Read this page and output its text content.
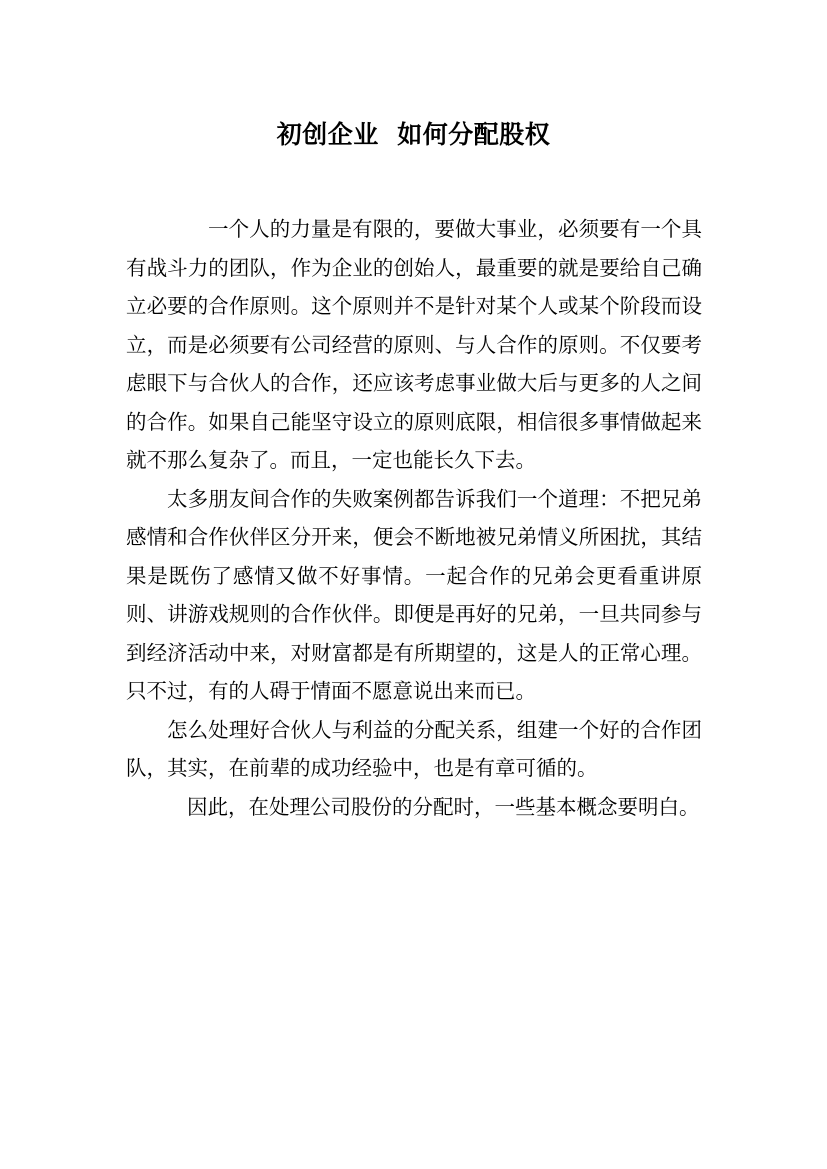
初创企业  如何分配股权

一个人的力量是有限的，要做大事业，必须要有一个具有战斗力的团队，作为企业的创始人，最重要的就是要给自己确立必要的合作原则。这个原则并不是针对某个人或某个阶段而设立，而是必须要有公司经营的原则、与人合作的原则。不仅要考虑眼下与合伙人的合作，还应该考虑事业做大后与更多的人之间的合作。如果自己能坚守设立的原则底限，相信很多事情做起来就不那么复杂了。而且，一定也能长久下去。

太多朋友间合作的失败案例都告诉我们一个道理：不把兄弟感情和合作伙伴区分开来，便会不断地被兄弟情义所困扰，其结果是既伤了感情又做不好事情。一起合作的兄弟会更看重讲原则、讲游戏规则的合作伙伴。即便是再好的兄弟，一旦共同参与到经济活动中来，对财富都是有所期望的，这是人的正常心理。只不过，有的人碍于情面不愿意说出来而已。

怎么处理好合伙人与利益的分配关系，组建一个好的合作团队，其实，在前辈的成功经验中，也是有章可循的。

因此，在处理公司股份的分配时，一些基本概念要明白。
